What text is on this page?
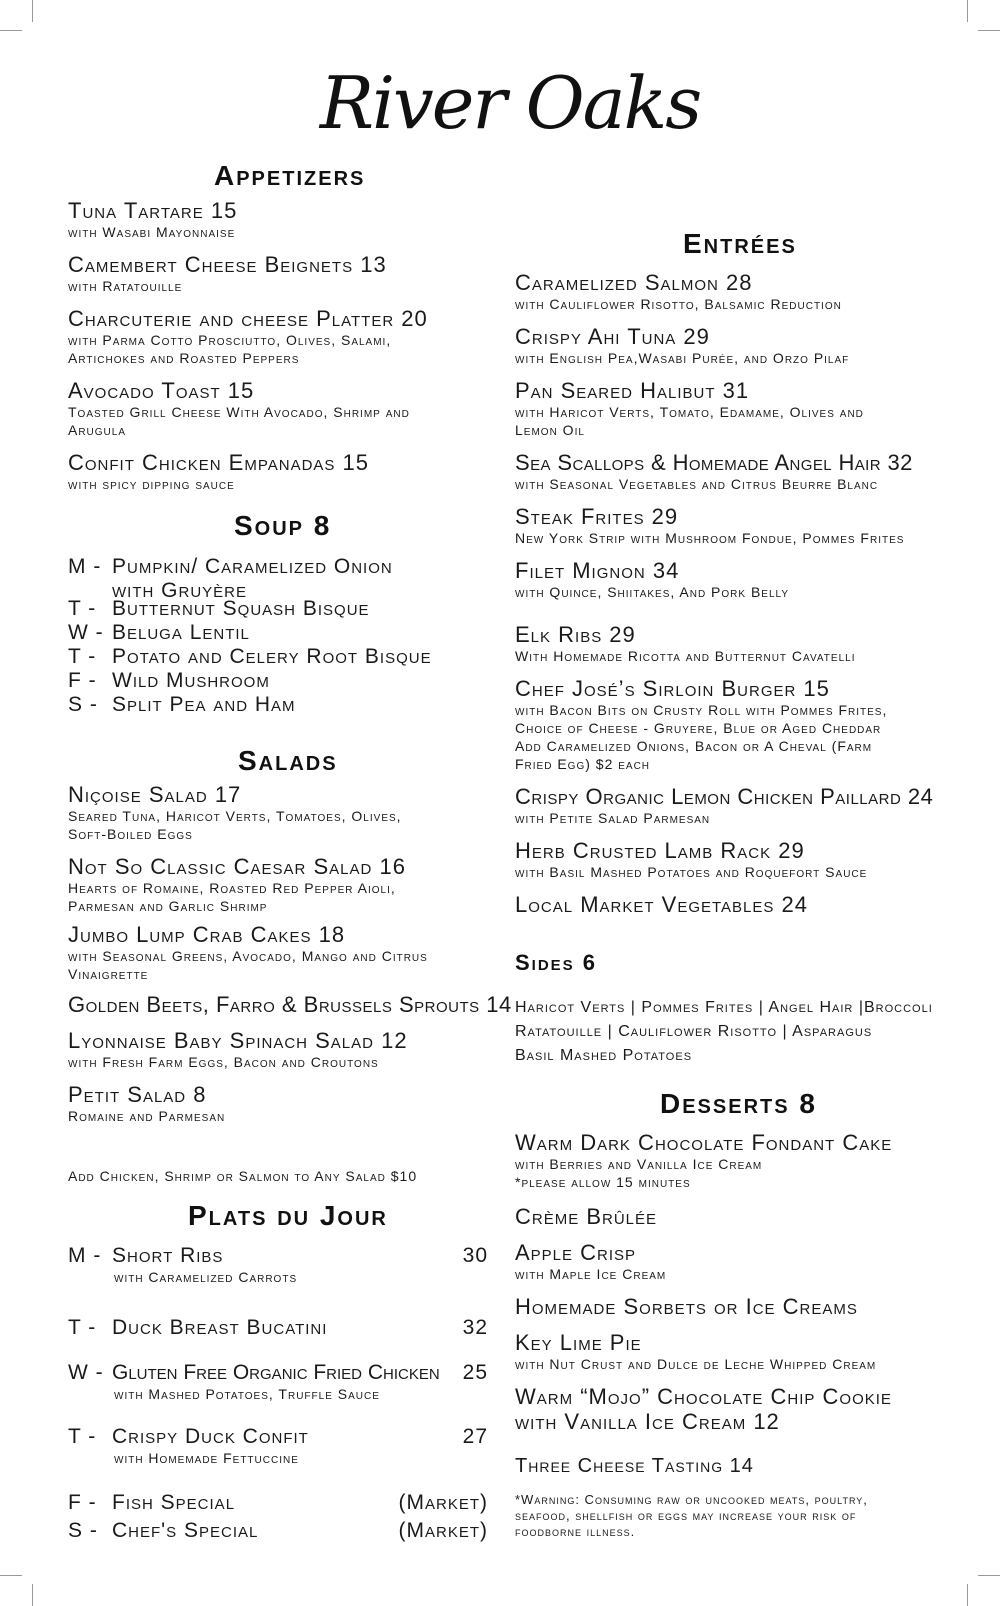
River Oaks
Appetizers
Tuna Tartare 15
with Wasabi Mayonnaise
Camembert Cheese Beignets 13
with Ratatouille
Charcuterie and cheese Platter 20
with Parma Cotto Prosciutto, Olives, Salami, Artichokes and Roasted Peppers
Avocado Toast 15
Toasted Grill Cheese With Avocado, Shrimp and Arugula
Confit Chicken Empanadas 15
with spicy dipping sauce
Soup 8
M - Pumpkin/ Caramelized Onion with Gruyère
T - Butternut Squash Bisque
W - Beluga Lentil
T - Potato and Celery Root Bisque
F - Wild Mushroom
S - Split Pea and Ham
Salads
Niçoise Salad 17
Seared Tuna, Haricot Verts, Tomatoes, Olives, Soft-Boiled Eggs
Not So Classic Caesar Salad 16
Hearts of Romaine, Roasted Red Pepper Aioli, Parmesan and Garlic Shrimp
Jumbo Lump Crab Cakes 18
with Seasonal Greens, Avocado, Mango and Citrus Vinaigrette
Golden Beets, Farro & Brussels Sprouts 14
Lyonnaise Baby Spinach Salad 12
with Fresh Farm Eggs, Bacon and Croutons
Petit Salad 8
Romaine and Parmesan
Add Chicken, Shrimp or Salmon to Any Salad $10
Plats du Jour
M - Short Ribs	30
with Caramelized Carrots
T - Duck Breast Bucatini	32
W - Gluten Free Organic Fried Chicken 25
with Mashed Potatoes, Truffle Sauce
T - Crispy Duck Confit	27
with Homemade Fettuccine
F - Fish Special	(Market)
S - Chef's Special	(Market)
Entrées
Caramelized Salmon 28
with Cauliflower Risotto, Balsamic Reduction
Crispy Ahi Tuna 29
with English Pea,Wasabi Purée, and Orzo Pilaf
Pan Seared Halibut 31
with Haricot Verts, Tomato, Edamame, Olives and Lemon Oil
Sea Scallops & Homemade Angel Hair 32
with Seasonal Vegetables and Citrus Beurre Blanc
Steak Frites 29
New York Strip with Mushroom Fondue, Pommes Frites
Filet Mignon 34
with Quince, Shiitakes, And Pork Belly
Elk Ribs 29
With Homemade Ricotta and Butternut Cavatelli
Chef José’s Sirloin Burger 15
with Bacon Bits on Crusty Roll with Pommes Frites, Choice of Cheese - Gruyere, Blue or Aged Cheddar Add Caramelized Onions, Bacon or A Cheval (Farm Fried Egg) $2 each
Crispy Organic Lemon Chicken Paillard 24
with Petite Salad Parmesan
Herb Crusted Lamb Rack 29
with Basil Mashed Potatoes and Roquefort Sauce
Local Market Vegetables 24
Sides 6
Haricot Verts | Pommes Frites | Angel Hair |Broccoli
Ratatouille | Cauliflower Risotto | Asparagus
Basil Mashed Potatoes
Desserts 8
Warm Dark Chocolate Fondant Cake
with Berries and Vanilla Ice Cream *please allow 15 minutes
Crème Brûlée
Apple Crisp
with Maple Ice Cream
Homemade Sorbets or Ice Creams
Key Lime Pie
with Nut Crust and Dulce de Leche Whipped Cream
Warm “Mojo” Chocolate Chip Cookie with Vanilla Ice Cream 12
Three Cheese Tasting 14
*Warning: Consuming raw or uncooked meats, poultry, seafood, shellfish or eggs may increase your risk of foodborne illness.
